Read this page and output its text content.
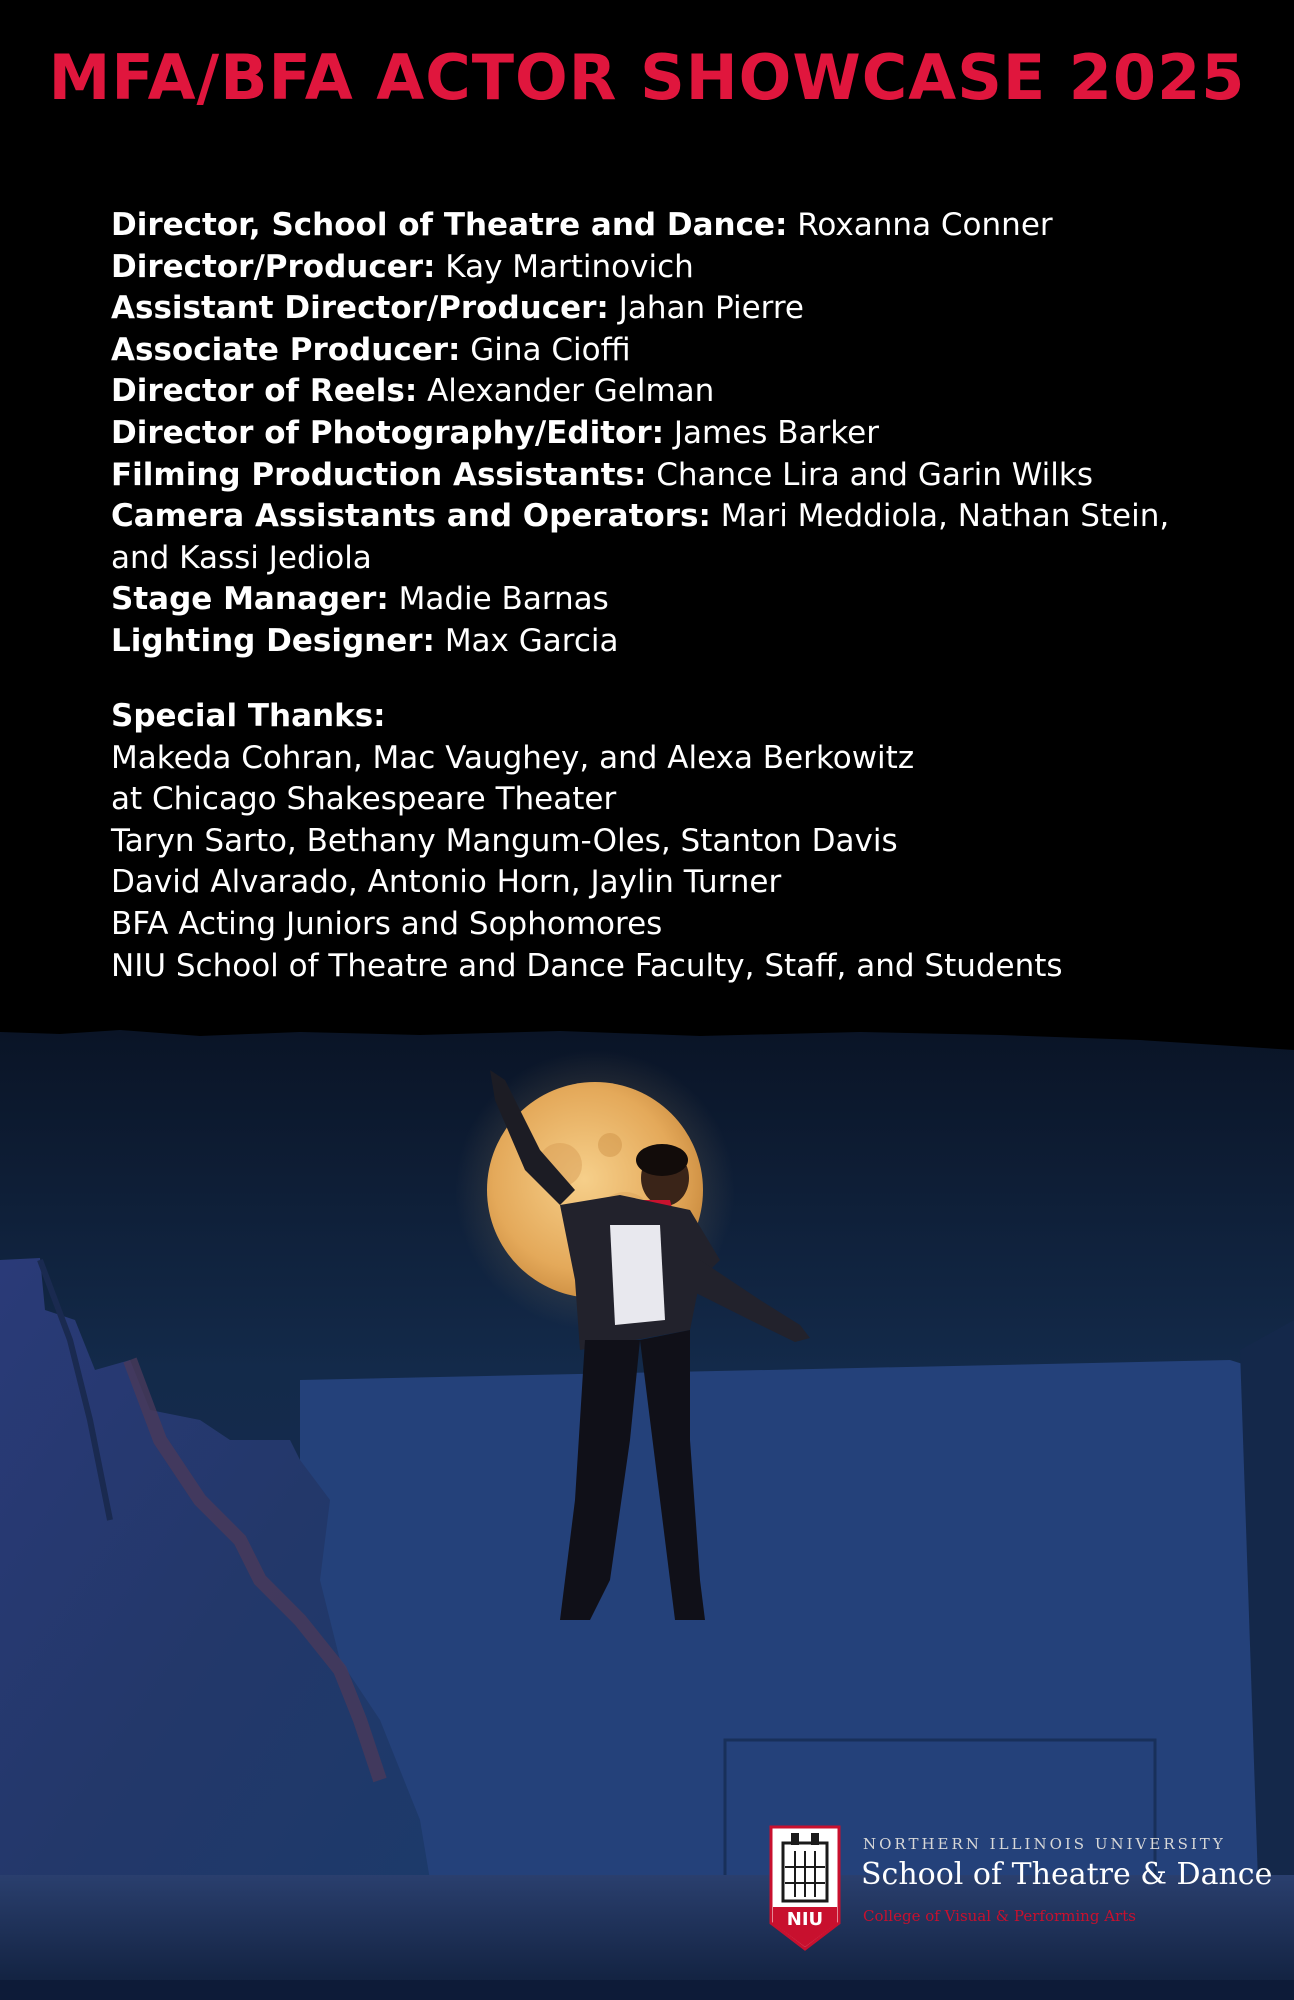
MFA/BFA ACTOR SHOWCASE 2025
Director, School of Theatre and Dance: Roxanna Conner
Director/Producer: Kay Martinovich
Assistant Director/Producer: Jahan Pierre
Associate Producer: Gina Cioffi
Director of Reels: Alexander Gelman
Director of Photography/Editor: James Barker
Filming Production Assistants: Chance Lira and Garin Wilks
Camera Assistants and Operators: Mari Meddiola, Nathan Stein, and Kassi Jediola
Stage Manager: Madie Barnas
Lighting Designer: Max Garcia
Special Thanks:
Makeda Cohran, Mac Vaughey, and Alexa Berkowitz
at Chicago Shakespeare Theater
Taryn Sarto, Bethany Mangum-Oles, Stanton Davis
David Alvarado, Antonio Horn, Jaylin Turner
BFA Acting Juniors and Sophomores
NIU School of Theatre and Dance Faculty, Staff, and Students
NIU
NORTHERN ILLINOIS UNIVERSITY
School of Theatre & Dance
College of Visual & Performing Arts
